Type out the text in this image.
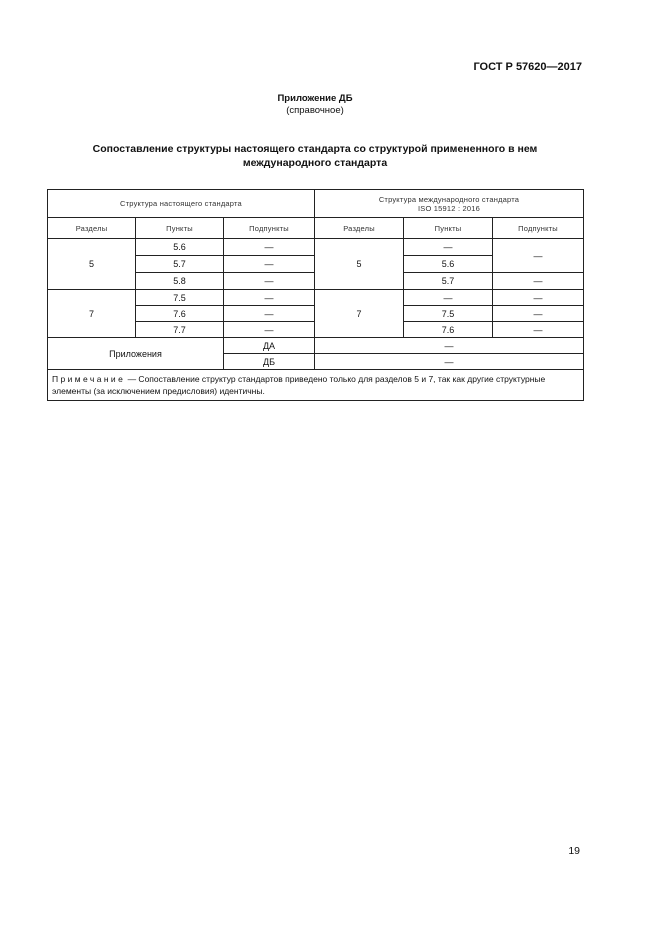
ГОСТ Р 57620—2017
Приложение ДБ
(справочное)
Сопоставление структуры настоящего стандарта со структурой примененного в нем
международного стандарта
Структура настоящего стандарта			Структура международного стандарта
ISO 15912 : 2016		

Разделы	Пункты	Подпункты	Разделы	Пункты	Подпункты
5	5.6	—	5	—	—
	5.7	—		5.6	
	5.8	—		5.7	—
7	7.5	—	7	—	—
	7.6	—		7.5	—
	7.7	—		7.6	—
Приложения		ДА	—		
		ДБ	—		
Примечание — Сопоставление структур стандартов приведено только для разделов 5 и 7, так как другие структурные элементы (за исключением предисловия) идентичны.					
19
